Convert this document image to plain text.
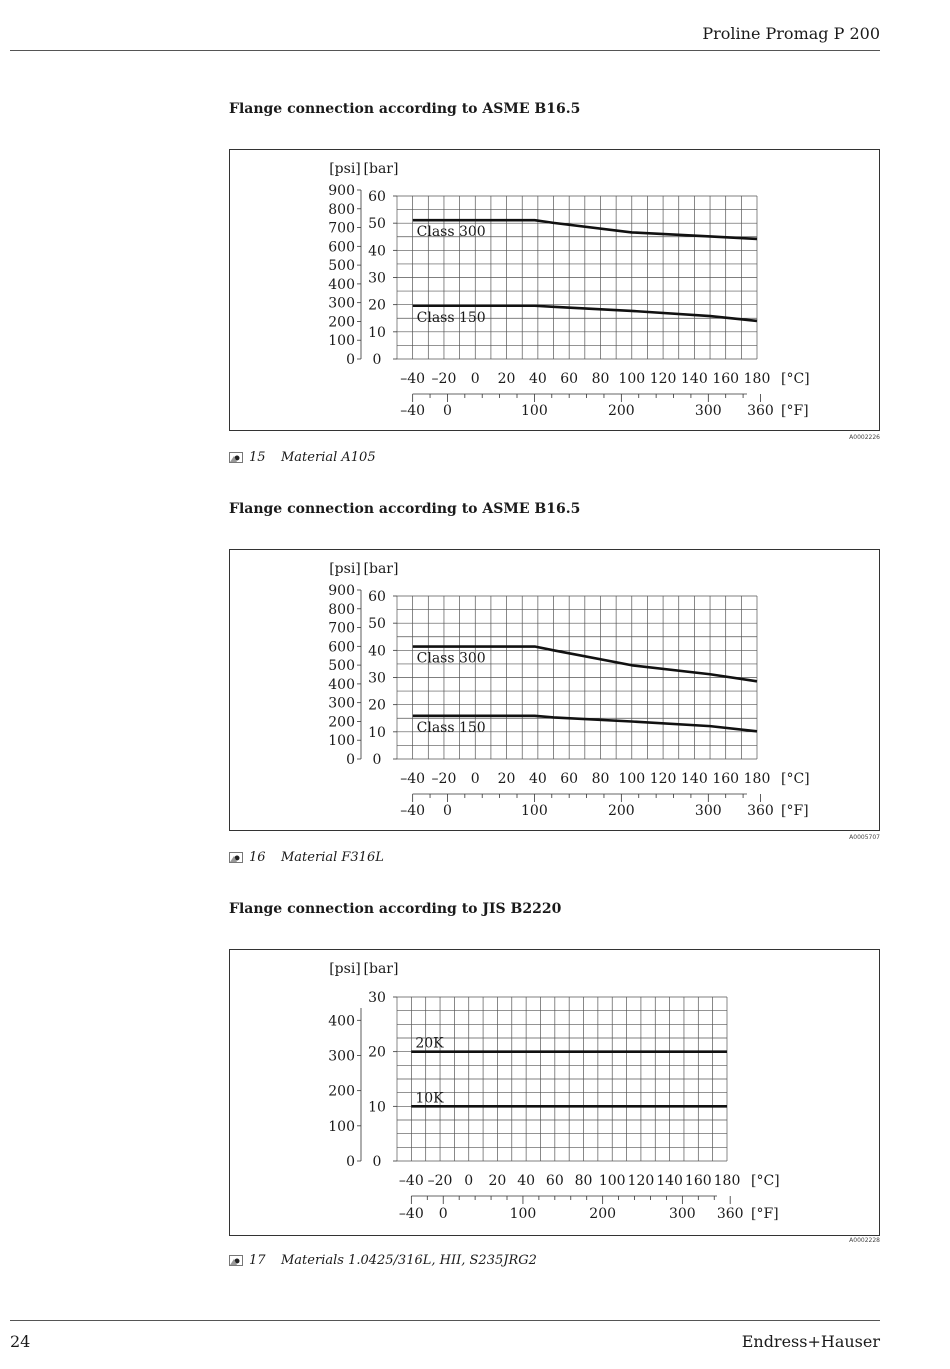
Proline Promag P 200
Flange connection according to ASME B16.5
60
50
40
30
20
10
0
900
800
700
600
500
400
300
200
100
0
[psi] [bar]
–40 –20 0 20 40 60 80 100 120 140 160 180 [°C]
–40 0	100	200	300 360 [°F]
Class 300
Class 150
A0002226
15	Material A105
Flange connection according to ASME B16.5
60
50
40
30
20
10
0
900
800
700
600
500
400
300
200
100
0
[psi] [bar]
–40 –20 0 20 40 60 80 100 120 140 160 180 [°C]
–40 0	100	200	300 360 [°F]
Class 300
Class 150
A0005707
16	Material F316L
Flange connection according to JIS B2220
30
20
10
0
400
300
200
100
0
[psi] [bar]
–40 –20 0 20 40 60 80 100 120 140 160 180 [°C]
–40 0	100	200	300 360 [°F]
20K
10K
A0002228
17	Materials 1.0425/316L, HII, S235JRG2
24	Endress+Hauser
